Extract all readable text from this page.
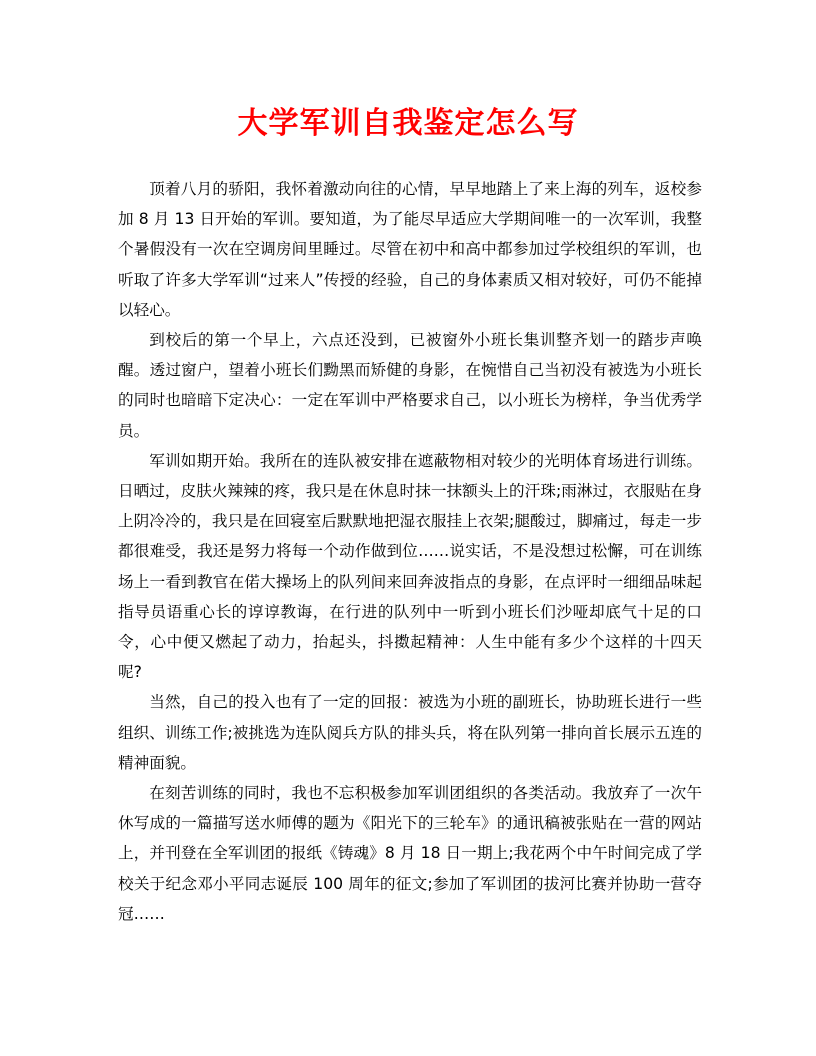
大学军训自我鉴定怎么写

顶着八月的骄阳，我怀着激动向往的心情，早早地踏上了来上海的列车，返校参加 8 月 13 日开始的军训。要知道，为了能尽早适应大学期间唯一的一次军训，我整个暑假没有一次在空调房间里睡过。尽管在初中和高中都参加过学校组织的军训，也听取了许多大学军训“过来人”传授的经验，自己的身体素质又相对较好，可仍不能掉以轻心。

到校后的第一个早上，六点还没到，已被窗外小班长集训整齐划一的踏步声唤醒。透过窗户，望着小班长们黝黑而矫健的身影，在惋惜自己当初没有被选为小班长的同时也暗暗下定决心：一定在军训中严格要求自己，以小班长为榜样，争当优秀学员。

军训如期开始。我所在的连队被安排在遮蔽物相对较少的光明体育场进行训练。日晒过，皮肤火辣辣的疼，我只是在休息时抹一抹额头上的汗珠;雨淋过，衣服贴在身上阴冷冷的，我只是在回寝室后默默地把湿衣服挂上衣架;腿酸过，脚痛过，每走一步都很难受，我还是努力将每一个动作做到位……说实话，不是没想过松懈，可在训练场上一看到教官在偌大操场上的队列间来回奔波指点的身影，在点评时一细细品味起指导员语重心长的谆谆教诲，在行进的队列中一听到小班长们沙哑却底气十足的口令，心中便又燃起了动力，抬起头，抖擞起精神：人生中能有多少个这样的十四天呢?

当然，自己的投入也有了一定的回报：被选为小班的副班长，协助班长进行一些组织、训练工作;被挑选为连队阅兵方队的排头兵，将在队列第一排向首长展示五连的精神面貌。

在刻苦训练的同时，我也不忘积极参加军训团组织的各类活动。我放弃了一次午休写成的一篇描写送水师傅的题为《阳光下的三轮车》的通讯稿被张贴在一营的网站上，并刊登在全军训团的报纸《铸魂》8 月 18 日一期上;我花两个中午时间完成了学校关于纪念邓小平同志诞辰 100 周年的征文;参加了军训团的拔河比赛并协助一营夺冠……
